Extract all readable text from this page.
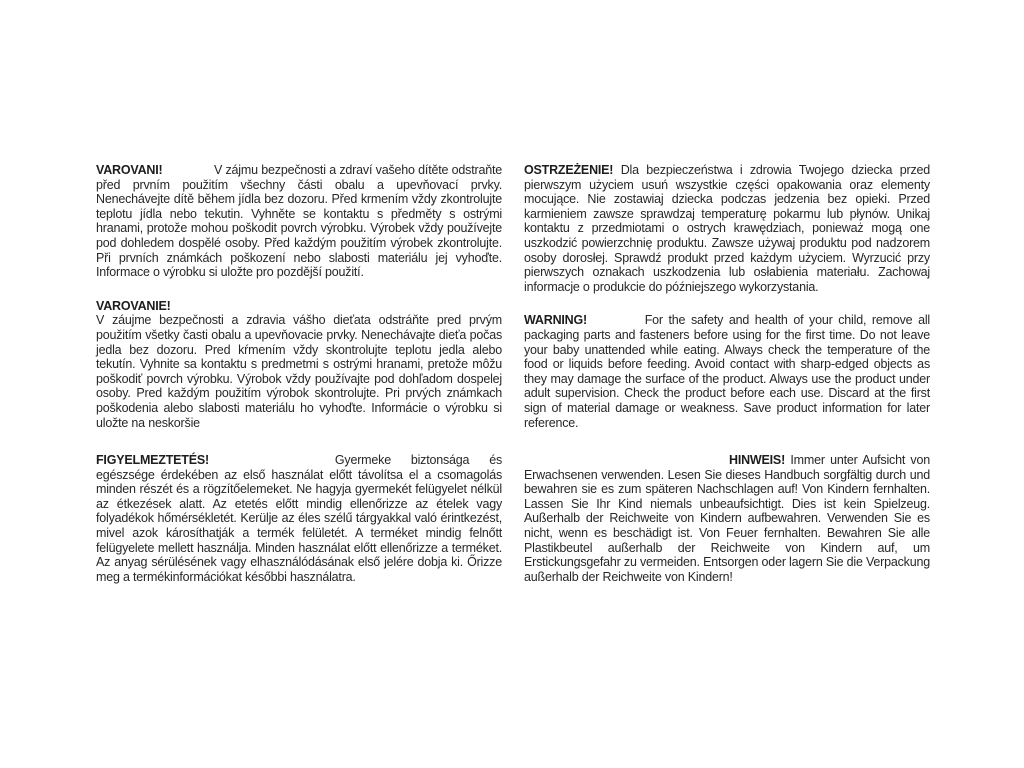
VAROVANI!	V zájmu bezpečnosti a zdraví vašeho dítěte odstraňte před prvním použitím všechny části obalu a upevňovací prvky. Nenechávejte dítě během jídla bez dozoru. Před krmením vždy zkontrolujte teplotu jídla nebo tekutin. Vyhněte se kontaktu s předměty s ostrými hranami, protože mohou poškodit povrch výrobku. Výrobek vždy používejte pod dohledem dospělé osoby. Před každým použitím výrobek zkontrolujte. Při prvních známkách poškození nebo slabosti materiálu jej vyhoďte. Informace o výrobku si uložte pro pozdější použití.

VAROVANIE!
V záujme bezpečnosti a zdravia vášho dieťata odstráňte pred prvým použitím všetky časti obalu a upevňovacie prvky. Nenechávajte dieťa počas jedla bez dozoru. Pred kŕmením vždy skontrolujte teplotu jedla alebo tekutín. Vyhnite sa kontaktu s predmetmi s ostrými hranami, pretože môžu poškodiť povrch výrobku. Výrobok vždy používajte pod dohľadom dospelej osoby. Pred každým použitím výrobok skontrolujte. Pri prvých známkach poškodenia alebo slabosti materiálu ho vyhoďte. Informácie o výrobku si uložte na neskoršie

FIGYELMEZTETÉS!	Gyermeke biztonsága és egészsége érdekében az első használat előtt távolítsa el a csomagolás minden részét és a rögzítőelemeket. Ne hagyja gyermekét felügyelet nélkül az étkezések alatt. Az etetés előtt mindig ellenőrizze az ételek vagy folyadékok hőmérsékletét. Kerülje az éles szélű tárgyakkal való érintkezést, mivel azok károsíthatják a termék felületét. A terméket mindig felnőtt felügyelete mellett használja. Minden használat előtt ellenőrizze a terméket. Az anyag sérülésének vagy elhasználódásának első jelére dobja ki. Őrizze meg a termékinformációkat későbbi használatra.

OSTRZEŻENIE! Dla bezpieczeństwa i zdrowia Twojego dziecka przed pierwszym użyciem usuń wszystkie części opakowania oraz elementy mocujące. Nie zostawiaj dziecka podczas jedzenia bez opieki. Przed karmieniem zawsze sprawdzaj temperaturę pokarmu lub płynów. Unikaj kontaktu z przedmiotami o ostrych krawędziach, ponieważ mogą one uszkodzić powierzchnię produktu. Zawsze używaj produktu pod nadzorem osoby dorosłej. Sprawdź produkt przed każdym użyciem. Wyrzucić przy pierwszych oznakach uszkodzenia lub osłabienia materiału. Zachowaj informacje o produkcie do późniejszego wykorzystania.

WARNING!	For the safety and health of your child, remove all packaging parts and fasteners before using for the first time. Do not leave your baby unattended while eating. Always check the temperature of the food or liquids before feeding. Avoid contact with sharp-edged objects as they may damage the surface of the product. Always use the product under adult supervision. Check the product before each use. Discard at the first sign of material damage or weakness. Save product information for later reference.

HINWEIS! Immer unter Aufsicht von Erwachsenen verwenden. Lesen Sie dieses Handbuch sorgfältig durch und bewahren sie es zum späteren Nachschlagen auf! Von Kindern fernhalten. Lassen Sie Ihr Kind niemals unbeaufsichtigt. Dies ist kein Spielzeug. Außerhalb der Reichweite von Kindern aufbewahren. Verwenden Sie es nicht, wenn es beschädigt ist. Von Feuer fernhalten. Bewahren Sie alle Plastikbeutel außerhalb der Reichweite von Kindern auf, um Erstickungsgefahr zu vermeiden. Entsorgen oder lagern Sie die Verpackung außerhalb der Reichweite von Kindern!
